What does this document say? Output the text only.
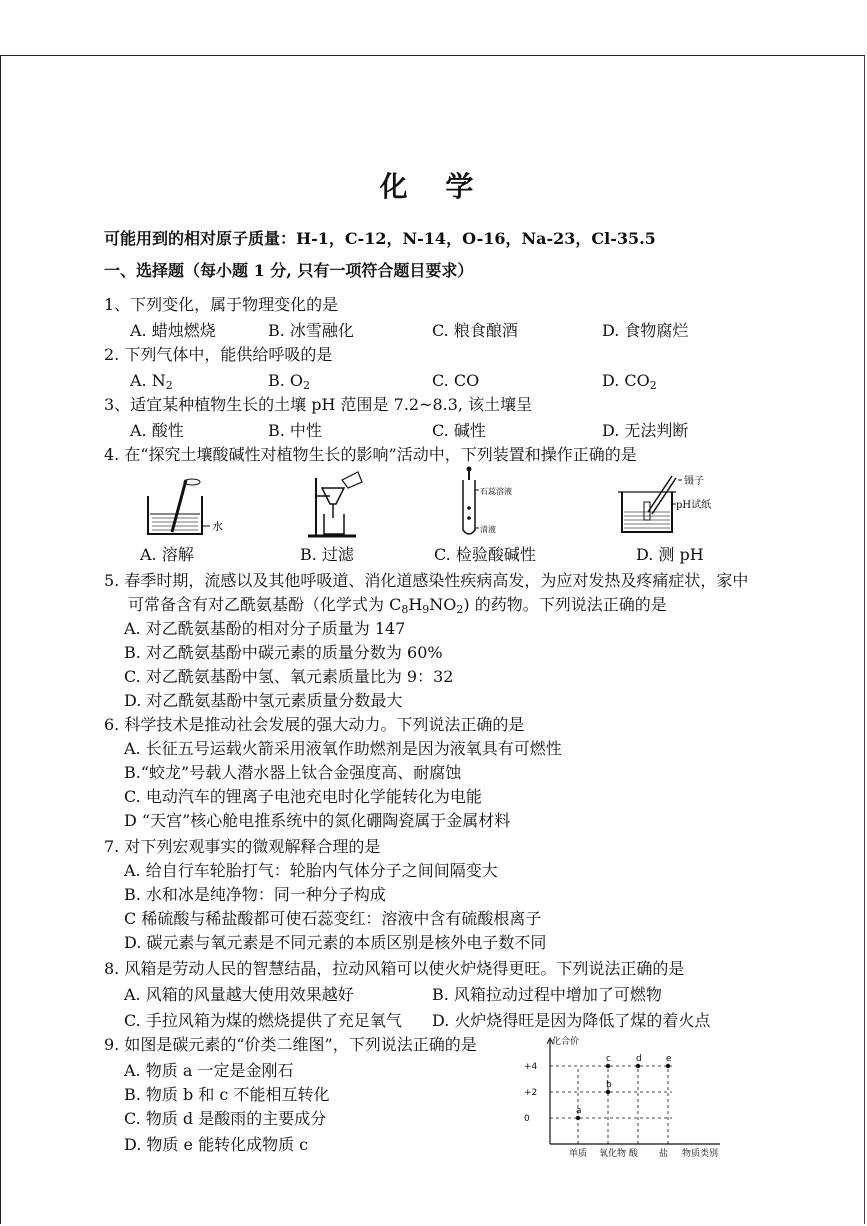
化 学
可能用到的相对原子质量：H-1，C-12，N-14，O-16，Na-23，Cl-35.5
一、选择题（每小题 1 分, 只有一项符合题目要求）
1、下列变化，属于物理变化的是
A. 蜡烛燃烧	B. 冰雪融化	C. 粮食酿酒	D. 食物腐烂
2. 下列气体中，能供给呼吸的是
A. $N_2$	B. $O_2$	C. CO	D. $CO_2$
3、适宜某种植物生长的土壤 pH 范围是 7.2~8.3, 该土壤呈
A. 酸性	B. 中性	C. 碱性	D. 无法判断
4. 在“探究土壤酸碱性对植物生长的影响”活动中，下列装置和操作正确的是
水
石蕊溶液
清液
镊子
pH试纸
A. 溶解	B. 过滤	C. 检验酸碱性	D. 测 pH
5. 春季时期，流感以及其他呼吸道、消化道感染性疾病高发，为应对发热及疼痛症状，家中
可常备含有对乙酰氨基酚（化学式为 $C_8H_9NO_2$) 的药物。下列说法正确的是
A. 对乙酰氨基酚的相对分子质量为 147
B. 对乙酰氨基酚中碳元素的质量分数为 60%
C. 对乙酰氨基酚中氢、氧元素质量比为 9：32
D. 对乙酰氨基酚中氢元素质量分数最大
6. 科学技术是推动社会发展的强大动力。下列说法正确的是
A. 长征五号运载火箭采用液氧作助燃剂是因为液氧具有可燃性
B.“蛟龙”号载人潜水器上钛合金强度高、耐腐蚀
C. 电动汽车的锂离子电池充电时化学能转化为电能
D “天宫”核心舱电推系统中的氮化硼陶瓷属于金属材料
7. 对下列宏观事实的微观解释合理的是
A. 给自行车轮胎打气：轮胎内气体分子之间间隔变大
B. 水和冰是纯净物：同一种分子构成
C 稀硫酸与稀盐酸都可使石蕊变红：溶液中含有硫酸根离子
D. 碳元素与氧元素是不同元素的本质区别是核外电子数不同
8. 风箱是劳动人民的智慧结晶，拉动风箱可以使火炉烧得更旺。下列说法正确的是
A. 风箱的风量越大使用效果越好	B. 风箱拉动过程中增加了可燃物
C. 手拉风箱为煤的燃烧提供了充足氧气 D. 火炉烧得旺是因为降低了煤的着火点
9. 如图是碳元素的“价类二维图”，下列说法正确的是
A. 物质 a 一定是金刚石
B. 物质 b 和 c 不能相互转化
C. 物质 d 是酸雨的主要成分
D. 物质 e 能转化成物质 c
化合价
+4
+2
0
单质 氧化物 酸 盐 物质类别
a
b
c	d	e
